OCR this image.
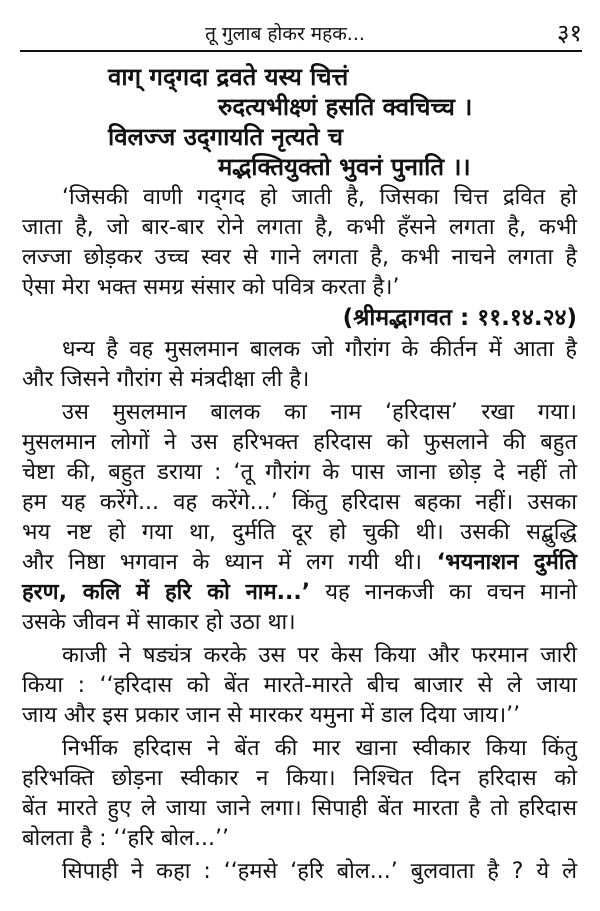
तू गुलाब होकर महक...	३१
वाग् गद्‌गदा द्रवते यस्य चित्तं
रुदत्यभीक्ष्णं हसति क्वचिच्च ।
विलज्ज उद्‌गायति नृत्यते च
मद्भक्तियुक्तो भुवनं पुनाति ।।
‘जिसकी वाणी गद्‌गद हो जाती है, जिसका चित्त द्रवित हो
जाता है, जो बार-बार रोने लगता है, कभी हँसने लगता है, कभी
लज्जा छोड़कर उच्च स्वर से गाने लगता है, कभी नाचने लगता है
ऐसा मेरा भक्त समग्र संसार को पवित्र करता है।’
(श्रीमद्भागवत : ११.१४.२४)
धन्य है वह मुसलमान बालक जो गौरांग के कीर्तन में आता है
और जिसने गौरांग से मंत्रदीक्षा ली है।
उस मुसलमान बालक का नाम ‘हरिदास’ रखा गया।
मुसलमान लोगों ने उस हरिभक्त हरिदास को फुसलाने की बहुत
चेष्टा की, बहुत डराया : ‘तू गौरांग के पास जाना छोड़ दे नहीं तो
हम यह करेंगे... वह करेंगे...’ किंतु हरिदास बहका नहीं। उसका
भय नष्ट हो गया था, दुर्मति दूर हो चुकी थी। उसकी सद्बुद्धि
और निष्ठा भगवान के ध्यान में लग गयी थी। ‘भयनाशन दुर्मति
हरण, कलि में हरि को नाम...’ यह नानकजी का वचन मानो
उसके जीवन में साकार हो उठा था।
काजी ने षड्यंत्र करके उस पर केस किया और फरमान जारी
किया : ‘‘हरिदास को बेंत मारते-मारते बीच बाजार से ले जाया
जाय और इस प्रकार जान से मारकर यमुना में डाल दिया जाय।’’
निर्भीक हरिदास ने बेंत की मार खाना स्वीकार किया किंतु
हरिभक्ति छोड़ना स्वीकार न किया। निश्चित दिन हरिदास को
बेंत मारते हुए ले जाया जाने लगा। सिपाही बेंत मारता है तो हरिदास
बोलता है : ‘‘हरि बोल...’’
सिपाही ने कहा : ‘‘हमसे ‘हरि बोल...’ बुलवाता है ? ये ले
